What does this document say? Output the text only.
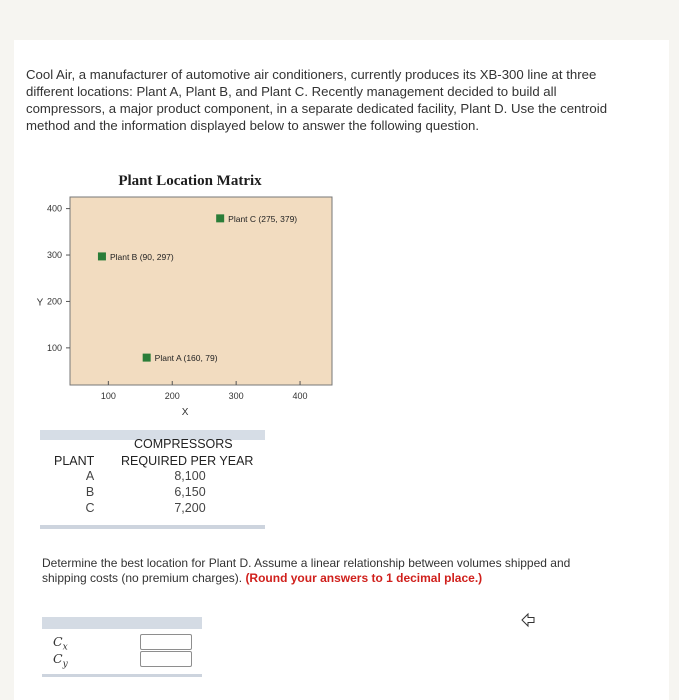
Cool Air, a manufacturer of automotive air conditioners, currently produces its XB-300 line at three different locations: Plant A, Plant B, and Plant C. Recently management decided to build all compressors, a major product component, in a separate dedicated facility, Plant D. Use the centroid method and the information displayed below to answer the following question.

Plant Location Matrix
100
200
300
400
100	200	300	400
Y
X
Plant C (275, 379)
Plant B (90, 297)
Plant A (160, 79)
PLANT
COMPRESSORS
REQUIRED PER YEAR
A	8,100
B	6,150
C	7,200

Determine the best location for Plant D. Assume a linear relationship between volumes shipped and shipping costs (no premium charges). (Round your answers to 1 decimal place.)

$C_x$
$C_y$
